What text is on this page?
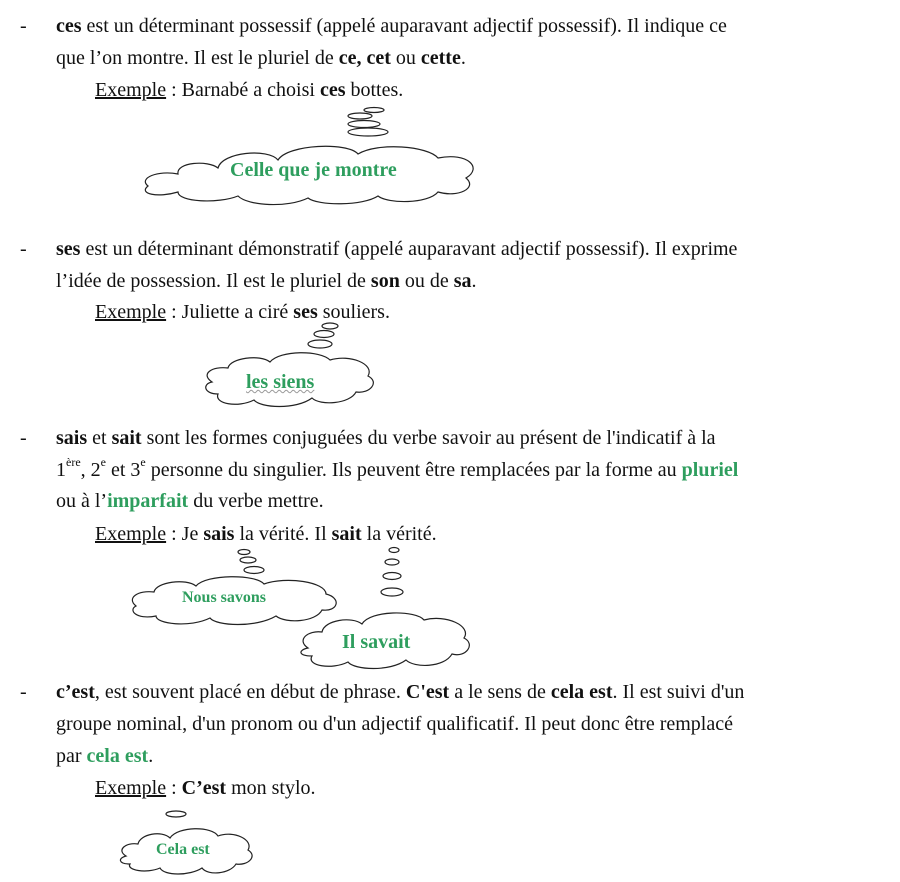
- ces est un déterminant possessif (appelé auparavant adjectif possessif). Il indique ce
que l’on montre. Il est le pluriel de ce, cet ou cette.
Exemple : Barnabé a choisi ces bottes.
Celle que je montre
- ses est un déterminant démonstratif (appelé auparavant adjectif possessif). Il exprime
l’idée de possession. Il est le pluriel de son ou de sa.
Exemple : Juliette a ciré ses souliers.
les siens
- sais et sait sont les formes conjuguées du verbe savoir au présent de l'indicatif à la
1ère, 2e et 3e personne du singulier. Ils peuvent être remplacées par la forme au pluriel
ou à l’imparfait du verbe mettre.
Exemple : Je sais la vérité. Il sait la vérité.
Nous savons
Il savait
- c’est, est souvent placé en début de phrase. C'est a le sens de cela est. Il est suivi d'un
groupe nominal, d'un pronom ou d'un adjectif qualificatif. Il peut donc être remplacé
par cela est.
Exemple : C’est mon stylo.
Cela est
